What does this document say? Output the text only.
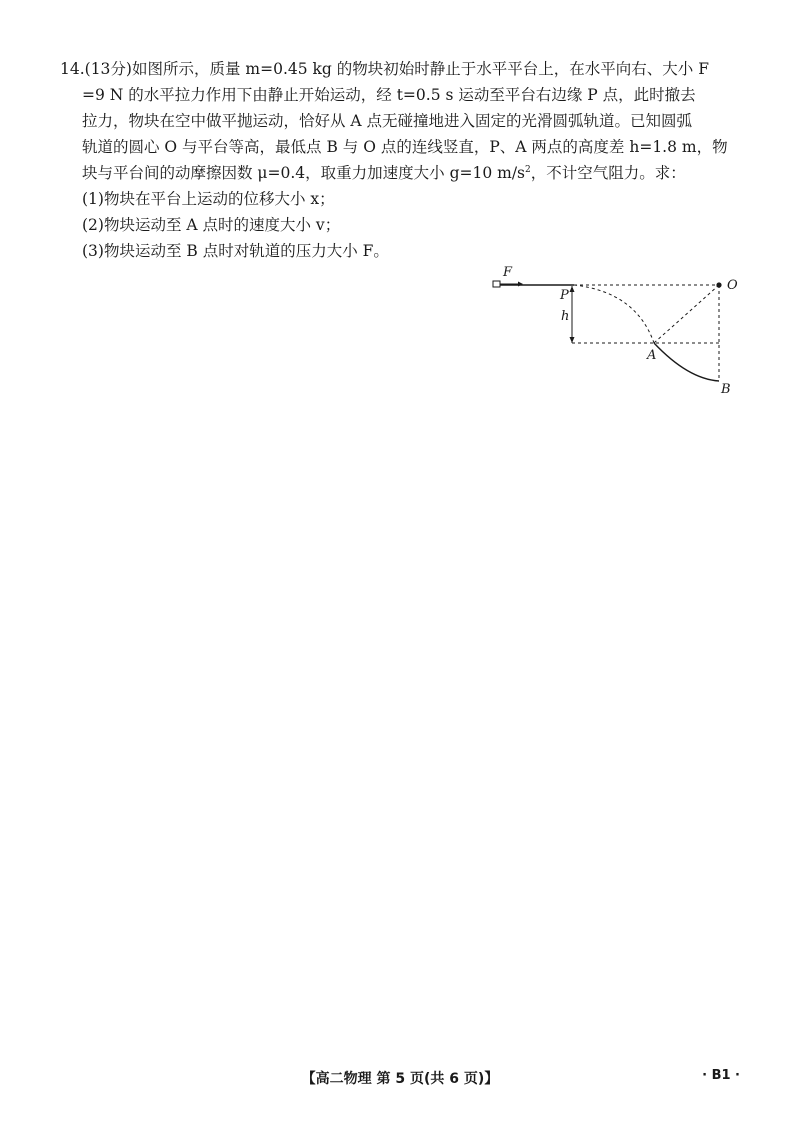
14.(13分)如图所示，质量 m=0.45 kg 的物块初始时静止于水平平台上，在水平向右、大小 F
=9 N 的水平拉力作用下由静止开始运动，经 t=0.5 s 运动至平台右边缘 P 点，此时撤去
拉力，物块在空中做平抛运动，恰好从 A 点无碰撞地进入固定的光滑圆弧轨道。已知圆弧
轨道的圆心 O 与平台等高，最低点 B 与 O 点的连线竖直，P、A 两点的高度差 h=1.8 m，物
块与平台间的动摩擦因数 μ=0.4，取重力加速度大小 g=10 $m/s^2$，不计空气阻力。求：
(1)物块在平台上运动的位移大小 x；
(2)物块运动至 A 点时的速度大小 v；
(3)物块运动至 B 点时对轨道的压力大小 F。
F
O
P
h
A
B
【高二物理 第 5 页(共 6 页)】	· B1 ·
